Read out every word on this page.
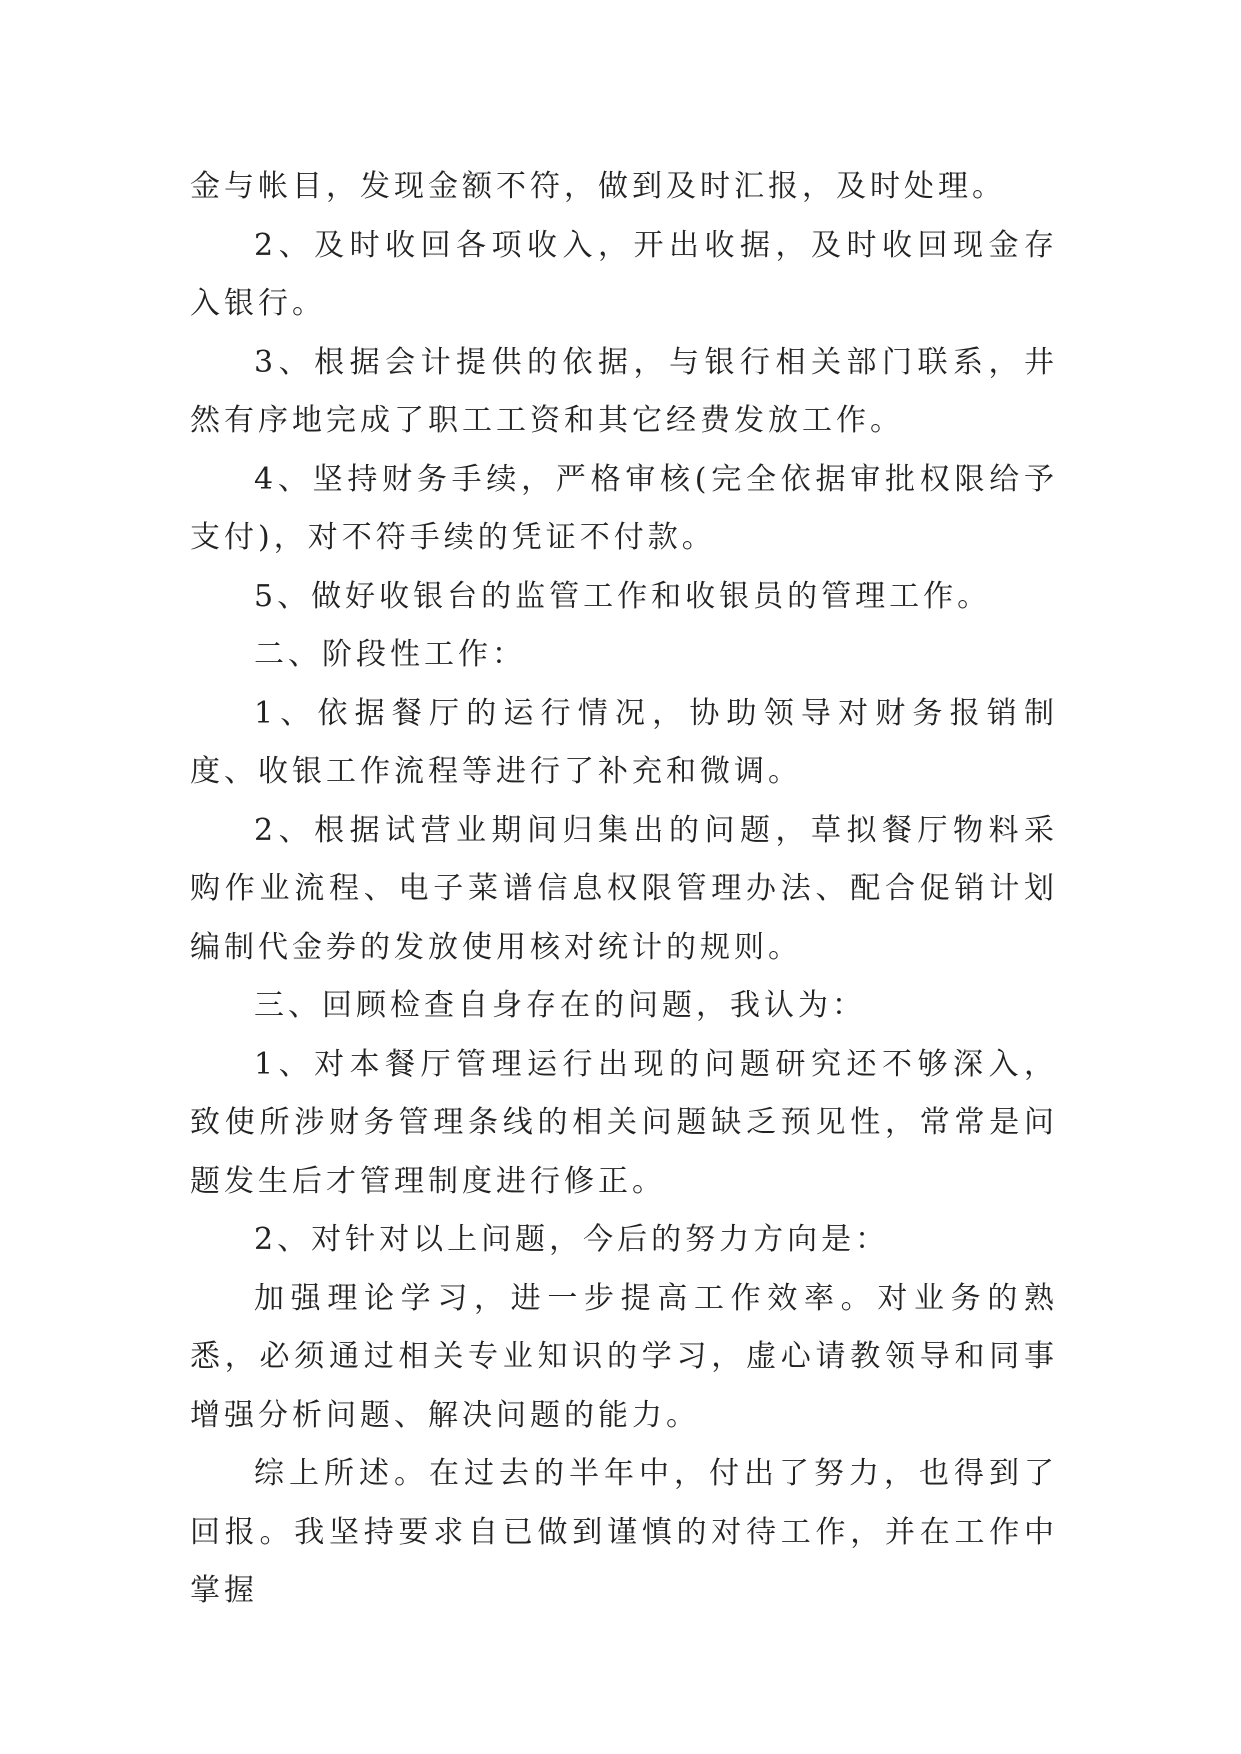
金与帐目，发现金额不符，做到及时汇报，及时处理。

2、及时收回各项收入，开出收据，及时收回现金存入银行。

3、根据会计提供的依据，与银行相关部门联系，井然有序地完成了职工工资和其它经费发放工作。

4、坚持财务手续，严格审核(完全依据审批权限给予支付)，对不符手续的凭证不付款。

5、做好收银台的监管工作和收银员的管理工作。

二、阶段性工作：

1、依据餐厅的运行情况，协助领导对财务报销制度、收银工作流程等进行了补充和微调。

2、根据试营业期间归集出的问题，草拟餐厅物料采购作业流程、电子菜谱信息权限管理办法、配合促销计划编制代金券的发放使用核对统计的规则。

三、回顾检查自身存在的问题，我认为：

1、对本餐厅管理运行出现的问题研究还不够深入，致使所涉财务管理条线的相关问题缺乏预见性，常常是问题发生后才管理制度进行修正。

2、对针对以上问题，今后的努力方向是：

加强理论学习，进一步提高工作效率。对业务的熟悉，必须通过相关专业知识的学习，虚心请教领导和同事增强分析问题、解决问题的能力。

综上所述。在过去的半年中，付出了努力，也得到了回报。我坚持要求自已做到谨慎的对待工作，并在工作中掌握
